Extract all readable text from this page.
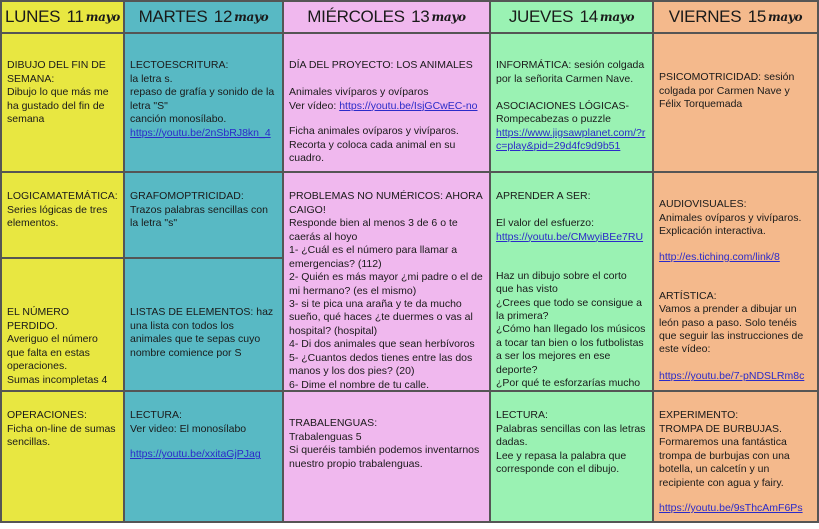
LUNES
11 mayo MARTES
12 mayo MIÉRCOLES
13 mayo	JUEVES
14 mayo VIERNES
15 mayo

DIBUJO DEL FIN DE SEMANA:
Dibujo lo que más me ha gustado del fin de semana

LOGICAMATEMÁTICA:
Series lógicas de tres elementos.

EL NÚMERO PERDIDO.
Averiguo el número que falta en estas operaciones.
Sumas incompletas 4

OPERACIONES:
Ficha on-line de sumas sencillas.

LECTOESCRITURA:
la letra s.
repaso de grafía y sonido de la letra "S"
canción monosílabo.

https://youtu.be/2nSbRJ8kn_4

GRAFOMOPTRICIDAD:
Trazos palabras sencillas con la letra "s"

LISTAS DE ELEMENTOS: haz una lista con todos los animales que te sepas cuyo nombre comience por S

LECTURA:
Ver video: El monosílabo

https://youtu.be/xxitaGjPJag

DÍA DEL PROYECTO: LOS ANIMALES

Animales vivíparos y ovíparos
Ver vídeo: https://youtu.be/IsjGCwEC-no

Ficha animales ovíparos y vivíparos. Recorta y coloca cada animal en su cuadro.

PROBLEMAS NO NUMÉRICOS: AHORA CAIGO!
Responde bien al menos 3 de 6 o te caerás al hoyo
1- ¿Cuál es el número para llamar a emergencias? (112)
2- Quién es más mayor ¿mi padre o el de mi hermano? (es el mismo)
3- si te pica una araña y te da mucho sueño, qué haces ¿te duermes o vas al hospital? (hospital)
4- Di dos animales que sean herbívoros
5- ¿Cuantos dedos tienes entre las dos manos y los dos pies? (20)
6- Dime el nombre de tu calle.

TRABALENGUAS:
Trabalenguas 5
Si queréis también podemos inventarnos nuestro propio trabalenguas.

INFORMÁTICA: sesión colgada por la señorita Carmen Nave.

ASOCIACIONES LÓGICAS-
Rompecabezas o puzzle

https://www.jigsawplanet.com/?rc=play&pid=29d4fc9d9b51

APRENDER A SER:

El valor del esfuerzo:

https://youtu.be/CMwyiBEe7RU

Haz un dibujo sobre el corto que has visto
¿Crees que todo se consigue a la primera?
¿Cómo han llegado los músicos a tocar tan bien o los futbolistas a ser los mejores en ese deporte?
¿Por qué te esforzarías mucho

LECTURA:
Palabras sencillas con las letras dadas.
Lee y repasa la palabra que corresponde con el dibujo.

PSICOMOTRICIDAD: sesión colgada por Carmen Nave y Félix Torquemada

AUDIOVISUALES:
Animales ovíparos y vivíparos.
Explicación interactiva.

http://es.tiching.com/link/8

ARTÍSTICA:
Vamos a prender a dibujar un león paso a paso. Solo tenéis que seguir las instrucciones de este vídeo:

https://youtu.be/7-pNDSLRm8c

EXPERIMENTO:
TROMPA DE BURBUJAS.
Formaremos una fantástica trompa de burbujas con una botella, un calcetín y un recipiente con agua y fairy.

https://youtu.be/9sThcAmF6Ps
